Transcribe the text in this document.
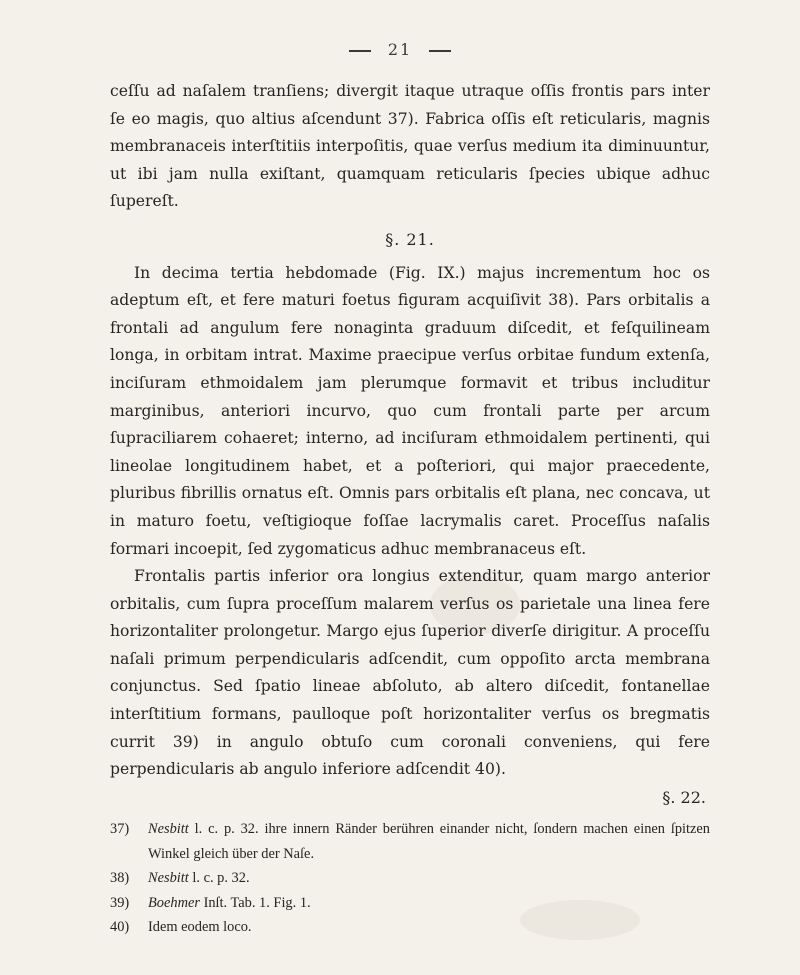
21

ceſſu ad naſalem tranſiens; divergit itaque utraque oſſis frontis pars inter ſe eo magis, quo altius aſcendunt 37). Fabrica oſſis eſt reticularis, magnis membranaceis interſtitiis interpoſitis, quae verſus medium ita diminuuntur, ut ibi jam nulla exiſtant, quamquam reticularis ſpecies ubique adhuc ſupereſt.

§. 21.

In decima tertia hebdomade (Fig. IX.) majus incrementum hoc os adeptum eſt, et fere maturi foetus figuram acquiſivit 38). Pars orbitalis a frontali ad angulum fere nonaginta graduum diſcedit, et feſquilineam longa, in orbitam intrat. Maxime praecipue verſus orbitae fundum extenſa, inciſuram ethmoidalem jam plerumque formavit et tribus includitur marginibus, anteriori incurvo, quo cum frontali parte per arcum ſupraciliarem cohaeret; interno, ad inciſuram ethmoidalem pertinenti, qui lineolae longitudinem habet, et a poſteriori, qui major praecedente, pluribus fibrillis ornatus eſt. Omnis pars orbitalis eſt plana, nec concava, ut in maturo foetu, veſtigioque foſſae lacrymalis caret. Proceſſus naſalis formari incoepit, ſed zygomaticus adhuc membranaceus eſt.

Frontalis partis inferior ora longius extenditur, quam margo anterior orbitalis, cum ſupra proceſſum malarem verſus os parietale una linea fere horizontaliter prolongetur. Margo ejus ſuperior diverſe dirigitur. A proceſſu naſali primum perpendicularis adſcendit, cum oppoſito arcta membrana conjunctus. Sed ſpatio lineae abſoluto, ab altero diſcedit, fontanellae interſtitium formans, paulloque poſt horizontaliter verſus os bregmatis currit 39) in angulo obtuſo cum coronali conveniens, qui fere perpendicularis ab angulo inferiore adſcendit 40).

§. 22.

37) Nesbitt l. c. p. 32. ihre innern Ränder berühren einander nicht, ſondern machen einen ſpitzen Winkel gleich über der Naſe.

38) Nesbitt l. c. p. 32.

39) Boehmer Inſt. Tab. 1. Fig. 1.

40) Idem eodem loco.
